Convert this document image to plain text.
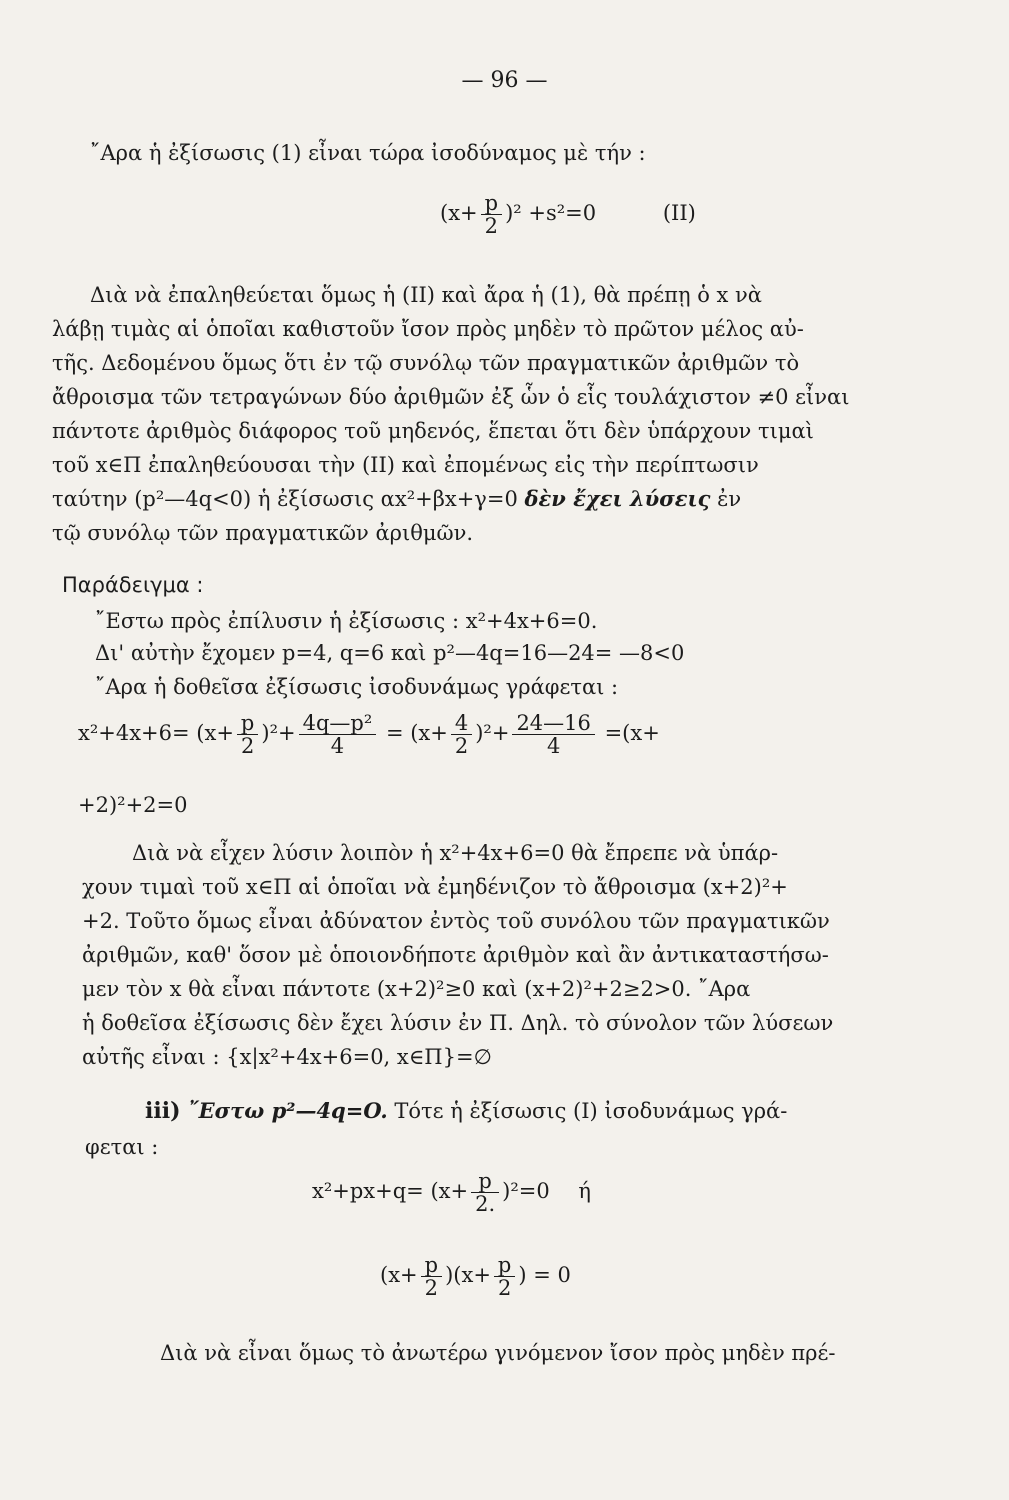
— 96 —
῎Αρα ἡ ἐξίσωσις (1) εἶναι τώρα ἰσοδύναμος μὲ τήν :
$(x+ \frac{p}{2} )^2 +s^2=0$	(II)
Διὰ νὰ ἐπαληθεύεται ὅμως ἡ (II) καὶ ἄρα ἡ (1), θὰ πρέπῃ ὁ x νὰ
λάβῃ τιμὰς αἱ ὁποῖαι καθιστοῦν ἴσον πρὸς μηδὲν τὸ πρῶτον μέλος αὐ-
τῆς. Δεδομένου ὅμως ὅτι ἐν τῷ συνόλῳ τῶν πραγματικῶν ἀριθμῶν τὸ
ἄθροισμα τῶν τετραγώνων δύο ἀριθμῶν ἐξ ὧν ὁ εἷς τουλάχιστον ≠0 εἶναι
πάντοτε ἀριθμὸς διάφορος τοῦ μηδενός, ἕπεται ὅτι δὲν ὑπάρχουν τιμαὶ
τοῦ x∈Π ἐπαληθεύουσαι τὴν (II) καὶ ἐπομένως εἰς τὴν περίπτωσιν
ταύτην (p²—4q<0) ἡ ἐξίσωσις αx²+βx+γ=0 δὲν ἔχει λύσεις ἐν
τῷ συνόλῳ τῶν πραγματικῶν ἀριθμῶν.
Παράδειγμα :
῎Εστω πρὸς ἐπίλυσιν ἡ ἐξίσωσις : x²+4x+6=0.
Δι' αὐτὴν ἔχομεν p=4, q=6 καὶ p²—4q=16—24= —8<0
῎Αρα ἡ δοθεῖσα ἐξίσωσις ἰσοδυνάμως γράφεται :
$x^2+4x+6= (x+ \frac{p}{2} )^2+ \frac{\text{4q—p²}}{4} = (x+ \frac{4}{2} )^2+ \frac{24—16}{4} =(x+$
+2)²+2=0
Διὰ νὰ εἶχεν λύσιν λοιπὸν ἡ x²+4x+6=0 θὰ ἔπρεπε νὰ ὑπάρ-
χουν τιμαὶ τοῦ x∈Π αἱ ὁποῖαι νὰ ἐμηδένιζον τὸ ἄθροισμα (x+2)²+
+2. Τοῦτο ὅμως εἶναι ἀδύνατον ἐντὸς τοῦ συνόλου τῶν πραγματικῶν
ἀριθμῶν, καθ' ὅσον μὲ ὁποιονδήποτε ἀριθμὸν καὶ ἂν ἀντικαταστήσω-
μεν τὸν x θὰ εἶναι πάντοτε (x+2)²≥0 καὶ (x+2)²+2≥2>0. ῎Αρα
ἡ δοθεῖσα ἐξίσωσις δὲν ἔχει λύσιν ἐν Π. Δηλ. τὸ σύνολον τῶν λύσεων
αὐτῆς εἶναι : {x|x²+4x+6=0, x∈Π}=∅
iii) ῎Εστω p²—4q=O. Τότε ἡ ἐξίσωσις (I) ἰσοδυνάμως γρά-
φεται :
$x^2+px+q= (x+ \frac{p}{2.} )^2=0$ ή
$(x+ \frac{p}{2} )(x+ \frac{p}{2}$ ) = 0
Διὰ νὰ εἶναι ὅμως τὸ ἀνωτέρω γινόμενον ἴσον πρὸς μηδὲν πρέ-
